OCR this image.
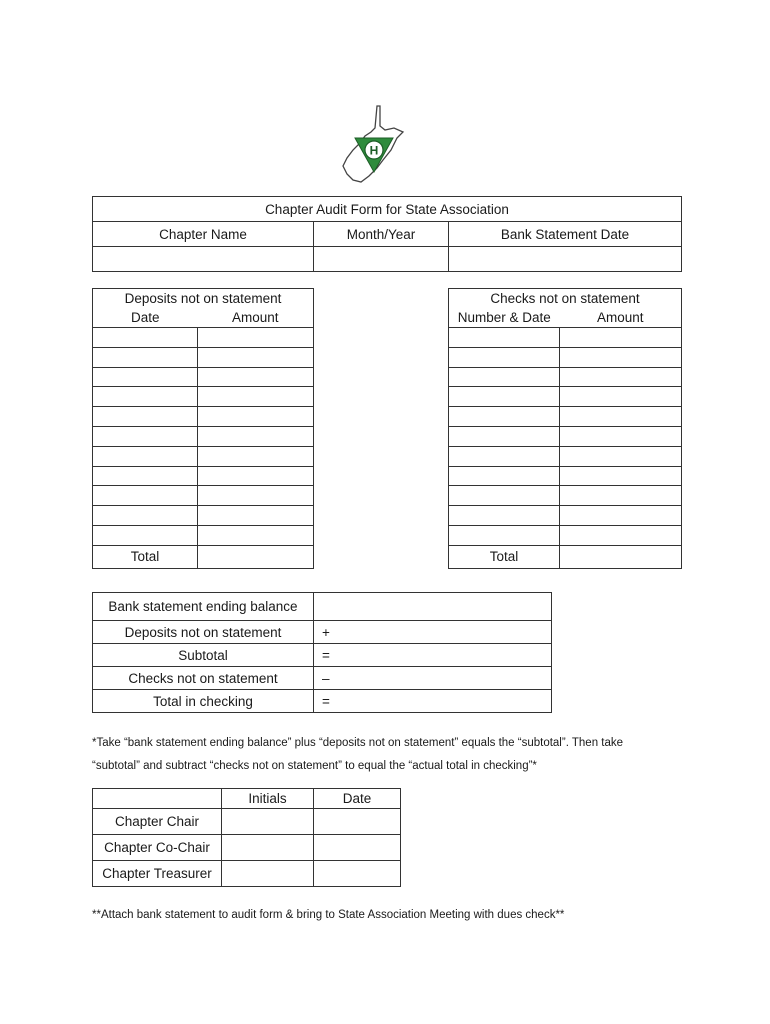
H
Chapter Audit Form for State Association		
Chapter Name	Month/Year	Bank Statement Date

Deposits not on statement	
Date	Amount

Total	
Checks not on statement	
Number & Date	Amount

Total	
Bank statement ending balance	
Deposits not on statement	+
Subtotal	=
Checks not on statement	–
Total in checking	=
*Take “bank statement ending balance” plus “deposits not on statement” equals the “subtotal”. Then take
“subtotal” and subtract “checks not on statement” to equal the “actual total in checking”*
	Initials	Date
Chapter Chair		
Chapter Co-Chair		
Chapter Treasurer		
**Attach bank statement to audit form & bring to State Association Meeting with dues check**
